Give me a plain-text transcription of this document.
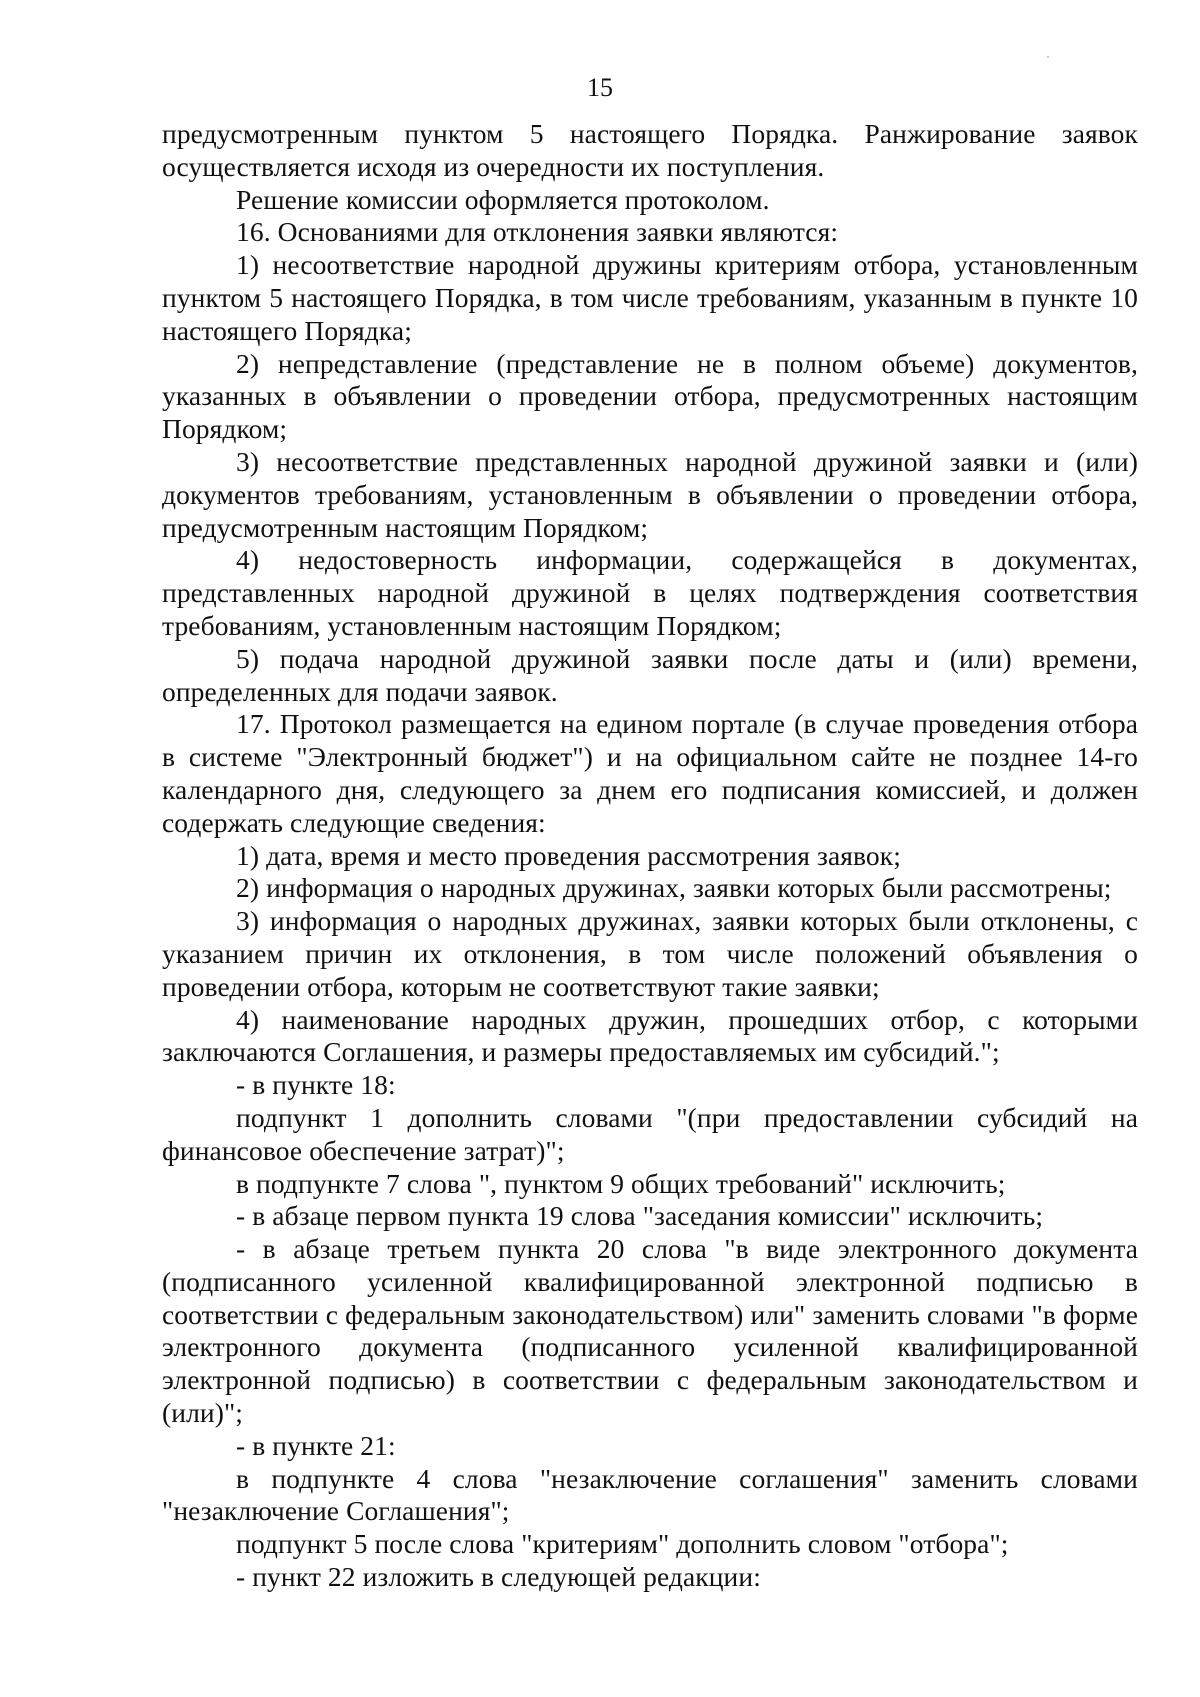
15

предусмотренным пунктом 5 настоящего Порядка. Ранжирование заявок осуществляется исходя из очередности их поступления.

Решение комиссии оформляется протоколом.

16. Основаниями для отклонения заявки являются:

1) несоответствие народной дружины критериям отбора, установленным пунктом 5 настоящего Порядка, в том числе требованиям, указанным в пункте 10 настоящего Порядка;

2) непредставление (представление не в полном объеме) документов, указанных в объявлении о проведении отбора, предусмотренных настоящим Порядком;

3) несоответствие представленных народной дружиной заявки и (или) документов требованиям, установленным в объявлении о проведении отбора, предусмотренным настоящим Порядком;

4) недостоверность информации, содержащейся в документах, представленных народной дружиной в целях подтверждения соответствия требованиям, установленным настоящим Порядком;

5) подача народной дружиной заявки после даты и (или) времени, определенных для подачи заявок.

17. Протокол размещается на едином портале (в случае проведения отбора в системе "Электронный бюджет") и на официальном сайте не позднее 14-го календарного дня, следующего за днем его подписания комиссией, и должен содержать следующие сведения:

1) дата, время и место проведения рассмотрения заявок;

2) информация о народных дружинах, заявки которых были рассмотрены;

3) информация о народных дружинах, заявки которых были отклонены, с указанием причин их отклонения, в том числе положений объявления о проведении отбора, которым не соответствуют такие заявки;

4) наименование народных дружин, прошедших отбор, с которыми заключаются Соглашения, и размеры предоставляемых им субсидий.";

- в пункте 18:

подпункт 1 дополнить словами "(при предоставлении субсидий на финансовое обеспечение затрат)";

в подпункте 7 слова ", пунктом 9 общих требований" исключить;

- в абзаце первом пункта 19 слова "заседания комиссии" исключить;

- в абзаце третьем пункта 20 слова "в виде электронного документа (подписанного усиленной квалифицированной электронной подписью в соответствии с федеральным законодательством) или" заменить словами "в форме электронного документа (подписанного усиленной квалифицированной электронной подписью) в соответствии с федеральным законодательством и (или)";

- в пункте 21:

в подпункте 4 слова "незаключение соглашения" заменить словами "незаключение Соглашения";

подпункт 5 после слова "критериям" дополнить словом "отбора";

- пункт 22 изложить в следующей редакции:
